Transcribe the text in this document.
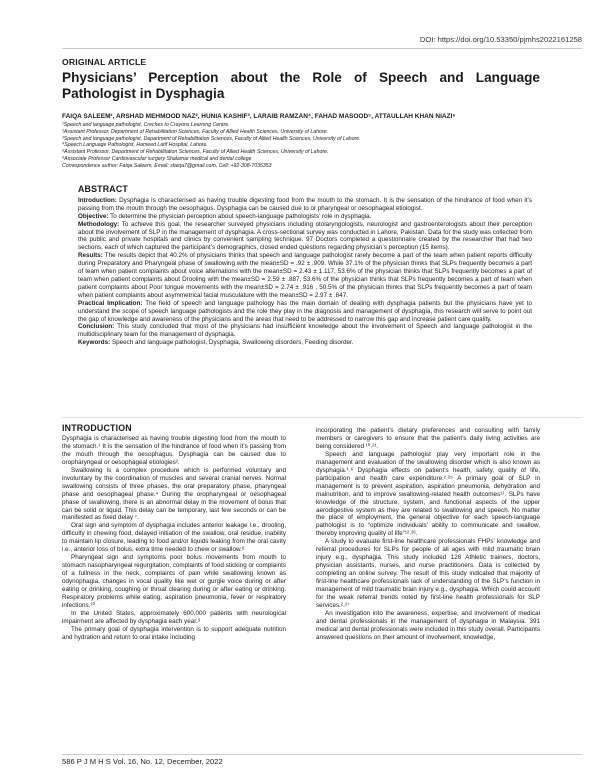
DOI: https://doi.org/10.53350/pjmhs2022161258
ORIGINAL ARTICLE
Physicians’ Perception about the Role of Speech and Language Pathologist in Dysphagia
FAIQA SALEEM¹, ARSHAD MEHMOOD NAZ², HUNIA KASHIF³, LARAIB RAMZAN⁴, FAHAD MASOOD⁵, ATTAULLAH KHAN NIAZI⁶
¹Speech and language pathologist, Creches to Crayons Learning Centre.
²Assistant Professor, Department of Rehabilitation Sciences, Faculty of Allied Health Sciences, University of Lahore.
³Speech and language pathologist, Department of Rehabilitation Sciences, Faculty of Allied Health Sciences, University of Lahore.
⁴Speech Language Pathologist, Hameed Latif Hospital, Lahore.
⁵Assistant Professor, Department of Rehabilitation Sciences, Faculty of Allied Health Sciences, University of Lahore.
⁶Associate Professor Cardiovascular surgery Shalamar medical and dental college
Correspondence author: Faiqa Saleem, Email: sfaiqa7@gmail.com, Cell: +92-308-7035353
ABSTRACT

Introduction: Dysphagia is characterised as having trouble digesting food from the mouth to the stomach. It is the sensation of the hindrance of food when it’s passing from the mouth through the oesophagus. Dysphagia can be caused due to or pharyngeal or oesophageal etiologist.

Objective: To determine the physician perception about speech-language pathologists’ role in dysphagia.

Methodology: To achieve this goal, the researcher surveyed physicians including otolaryngologists, neurologist and gastroenterologists about their perception about the involvement of SLP in the management of dysphagia. A cross-sectional survey was conducted in Lahore, Pakistan. Data for the study was collected from the public and private hospitals and clinics by convenient sampling technique. 97 Doctors completed a questionnaire created by the researcher that had two sections, each of which captured the participant’s demographics, closed ended questions regarding physician’s perception (15 items).

Results: The results depict that 40.2% of physicians thinks that speech and language pathologist rarely become a part of the team when patient reports difficulty during Preparatory and Pharyngeal phase of swallowing with the mean±SD = .92 ± .909. While 37.1% of the physician thinks that SLPs frequently becomes a part of team when patient complaints about voice alternations with the mean±SD = 2.43 ± 1.117, 53.6% of the physician thinks that SLPs frequently becomes a part of team when patient complaints about Drooling with the mean±SD = 2.59 ± .887, 53.6% of the physician thinks that SLPs frequently becomes a part of team when patient complaints about Poor tongue movements with the mean±SD = 2.74 ± .916 , 50.5% of the physician thinks that SLPs frequently becomes a part of team when patient complaints about asymmetrical facial musculature with the mean±SD = 2.97 ± .847.

Practical Implication: The field of speech and language pathology has the main domain of dealing with dysphagia patients but the physicians have yet to understand the scope of speech language pathologists and the role they play in the diagnosis and management of dysphagia, this research will serve to point out the gap of knowledge and awareness of the physicians and the areas that need to be addressed to narrow this gap and increase patient care quality.

Conclusion: This study concluded that most of the physicians had insufficient knowledge about the involvement of Speech and language pathologist in the multidisciplinary team for the management of dysphagia.

Keywords: Speech and language pathologist, Dysphagia, Swallowing disorders, Feeding disorder.

INTRODUCTION

Dysphagia is characterised as having trouble digesting food from the mouth to the stomach.¹ It is the sensation of the hindrance of food when it’s passing from the mouth through the oesophagus. Dysphagia can be caused due to oropharyngeal or oesophageal etiologies².

Swallowing is a complex procedure which is performed voluntary and involuntary by the coordination of muscles and several cranial nerves. Normal swallowing consists of three phases, the oral preparatory phase, pharyngeal phase and oesophageal phase.⁴ During the oropharyngeal or oesophageal phase of swallowing, there is an abnormal delay in the movement of bolus that can be solid or liquid. This delay can be temporary, last few seconds or can be manifested as fixed delay ⁷.

Oral sign and symptom of dysphagia includes anterior leakage i.e., drooling, difficulty in chewing food, delayed initiation of the swallow, oral residue, inability to maintain lip closure, leading to food and/or liquids leaking from the oral cavity i.e., anterior loss of bolus, extra time needed to chew or swallow.⁸

Pharyngeal sign and symptoms poor bolus movements from mouth to stomach nasopharyngeal regurgitation, complaints of food sticking or complaints of a fullness in the neck, complaints of pain while swallowing known as odynophagia, changes in vocal quality like wet or gurgle voice during or after eating or drinking, coughing or throat clearing during or after eating or drinking. Respiratory problems while eating, aspiration pneumonia, fever or respiratory infections.¹⁰

In the United States, approximately 600,000 patients with neurological impairment are affected by dysphagia each year.⁹

The primary goal of dysphagia intervention is to support adequate nutrition and hydration and return to oral intake including

incorporating the patient’s dietary preferences and consulting with family members or caregivers to ensure that the patient’s daily living activities are being considered ¹⁰˒²¹.

Speech and language pathologist play very important role in the management and evaluation of the swallowing disorder which is also known as dysphagia.¹˒⁶ Dysphagia effects on patient’s health, safety, quality of life, participation and health care expenditure.²˒²⁵ A primary goal of SLP in management is to prevent aspiration, aspiration pneumonia, dehydration and malnutrition, and to improve swallowing-related health outcomes¹¹. SLPs have knowledge of the structure, system, and functional aspects of the upper aerodigestive system as they are related to swallowing and speech. No matter the place of employment, the general objective for each speech-language pathologist is to “optimize individuals’ ability to communicate and swallow, thereby improving quality of life”¹²˒²⁶.

A study to evaluate first-line healthcare professionals FHPs’ knowledge and referral procedures for SLPs for people of all ages with mild traumatic brain injury e.g., dysphagia. This study included 126 Athletic trainers, doctors, physician assistants, nurses, and nurse practitioners. Data is collected by completing an online survey. The result of this study indicated that majority of first-line healthcare professionals lack of understanding of the SLP’s function in management of mild traumatic brain injury e.g., dysphagia. Which could account for the weak referral trends noted by first-line health professionals for SLP services.²˒²⁷

An investigation into the awareness, expertise, and involvement of medical and dental professionals in the management of dysphagia in Malaysia. 391 medical and dental professionals were included in this study overall. Participants answered questions on their amount of involvement, knowledge,

586 P J M H S Vol. 16, No. 12, December, 2022
